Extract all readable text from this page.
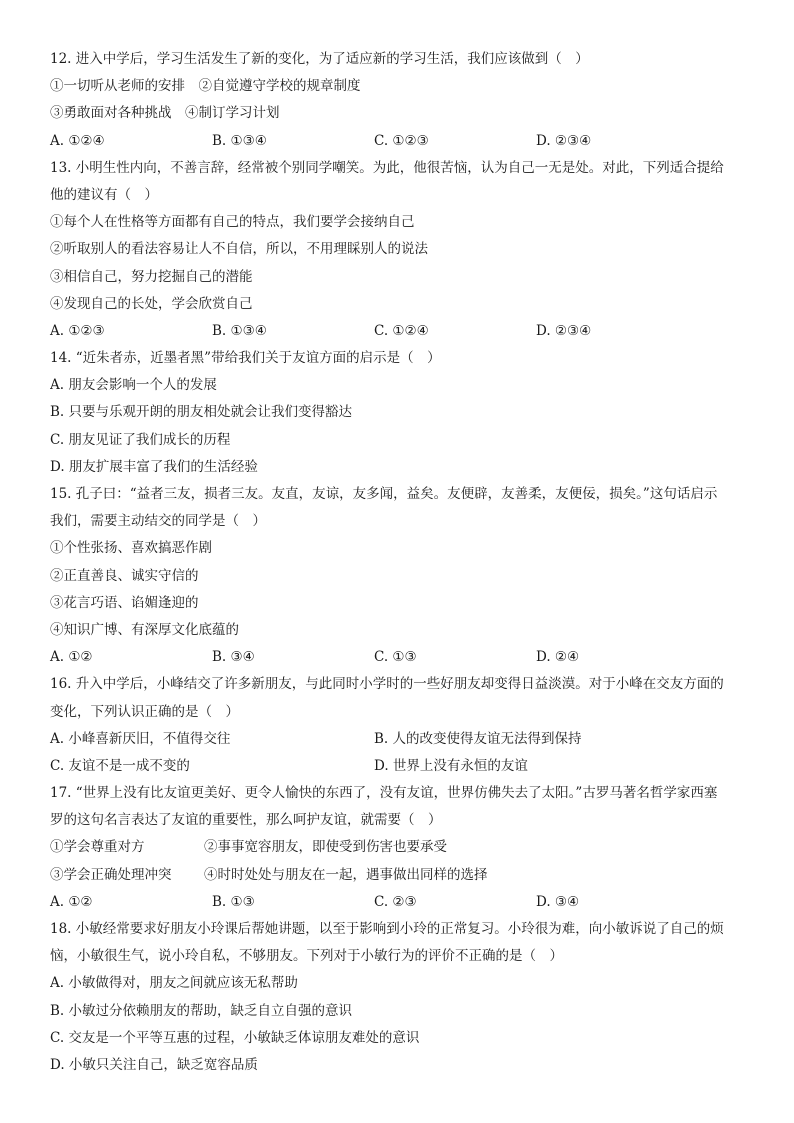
12. 进入中学后，学习生活发生了新的变化，为了适应新的学习生活，我们应该做到（　）
①一切听从老师的安排　②自觉遵守学校的规章制度
③勇敢面对各种挑战　④制订学习计划
A. ①②④	B. ①③④	C. ①②③	D. ②③④
13. 小明生性内向，不善言辞，经常被个别同学嘲笑。为此，他很苦恼，认为自己一无是处。对此，下列适合提给
他的建议有（　）
①每个人在性格等方面都有自己的特点，我们要学会接纳自己
②听取别人的看法容易让人不自信，所以，不用理睬别人的说法
③相信自己，努力挖掘自己的潜能
④发现自己的长处，学会欣赏自己
A. ①②③	B. ①③④	C. ①②④	D. ②③④
14. “近朱者赤，近墨者黑”带给我们关于友谊方面的启示是（　）
A. 朋友会影响一个人的发展
B. 只要与乐观开朗的朋友相处就会让我们变得豁达
C. 朋友见证了我们成长的历程
D. 朋友扩展丰富了我们的生活经验
15. 孔子曰：“益者三友，损者三友。友直，友谅，友多闻，益矣。友便辟，友善柔，友便佞，损矣。”这句话启示
我们，需要主动结交的同学是（　）
①个性张扬、喜欢搞恶作剧
②正直善良、诚实守信的
③花言巧语、谄媚逢迎的
④知识广博、有深厚文化底蕴的
A. ①②	B. ③④	C. ①③	D. ②④
16. 升入中学后，小峰结交了许多新朋友，与此同时小学时的一些好朋友却变得日益淡漠。对于小峰在交友方面的
变化，下列认识正确的是（　）
A. 小峰喜新厌旧，不值得交往	B. 人的改变使得友谊无法得到保持
C. 友谊不是一成不变的	D. 世界上没有永恒的友谊
17. “世界上没有比友谊更美好、更令人愉快的东西了，没有友谊，世界仿佛失去了太阳。”古罗马著名哲学家西塞
罗的这句名言表达了友谊的重要性，那么呵护友谊，就需要（　）
①学会尊重对方	②事事宽容朋友，即使受到伤害也要承受
③学会正确处理冲突	④时时处处与朋友在一起，遇事做出同样的选择
A. ①②	B. ①③	C. ②③	D. ③④
18. 小敏经常要求好朋友小玲课后帮她讲题，以至于影响到小玲的正常复习。小玲很为难，向小敏诉说了自己的烦
恼，小敏很生气，说小玲自私，不够朋友。下列对于小敏行为的评价不正确的是（　）
A. 小敏做得对，朋友之间就应该无私帮助
B. 小敏过分依赖朋友的帮助，缺乏自立自强的意识
C. 交友是一个平等互惠的过程，小敏缺乏体谅朋友难处的意识
D. 小敏只关注自己，缺乏宽容品质
